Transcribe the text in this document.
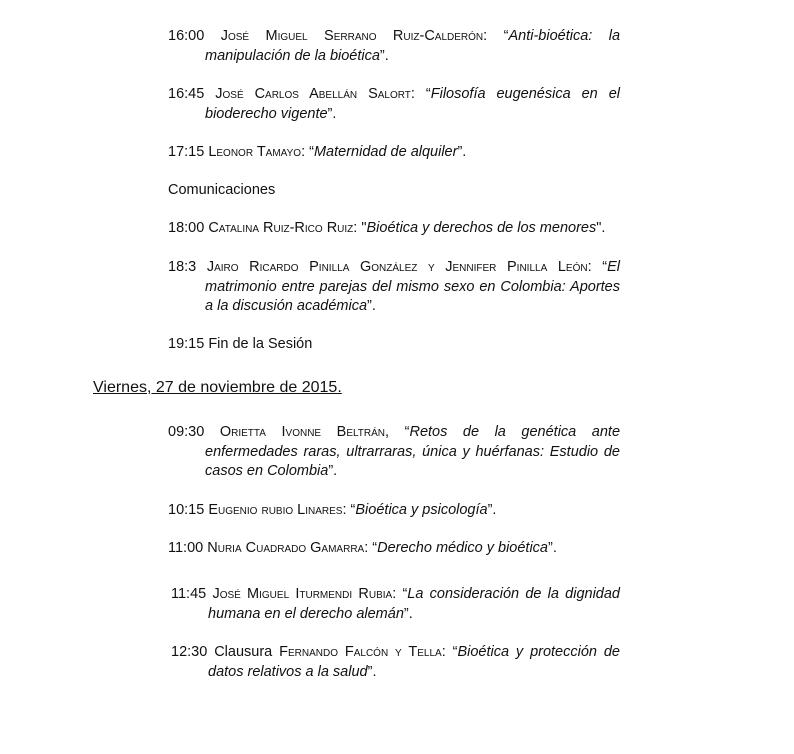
16:00 José Miguel Serrano Ruiz-Calderón: “Anti-bioética: la manipulación de la bioética”.

16:45 José Carlos Abellán Salort: “Filosofía eugenésica en el bioderecho vigente”.

17:15 Leonor Tamayo: “Maternidad de alquiler”.

Comunicaciones

18:00 Catalina Ruiz-Rico Ruiz: "Bioética y derechos de los menores".

18:3 Jairo Ricardo Pinilla González y Jennifer Pinilla León: “El matrimonio entre parejas del mismo sexo en Colombia: Aportes a la discusión académica”.

19:15 Fin de la Sesión

Viernes, 27 de noviembre de 2015.

09:30 Orietta Ivonne Beltrán, “Retos de la genética ante enfermedades raras, ultrarraras, única y huérfanas: Estudio de casos en Colombia”.

10:15 Eugenio rubio Linares: “Bioética y psicología”.

11:00 Nuria Cuadrado Gamarra: “Derecho médico y bioética”.

11:45 José Miguel Iturmendi Rubia: “La consideración de la dignidad humana en el derecho alemán”.

12:30 Clausura Fernando Falcón y Tella: “Bioética y protección de datos relativos a la salud”.
